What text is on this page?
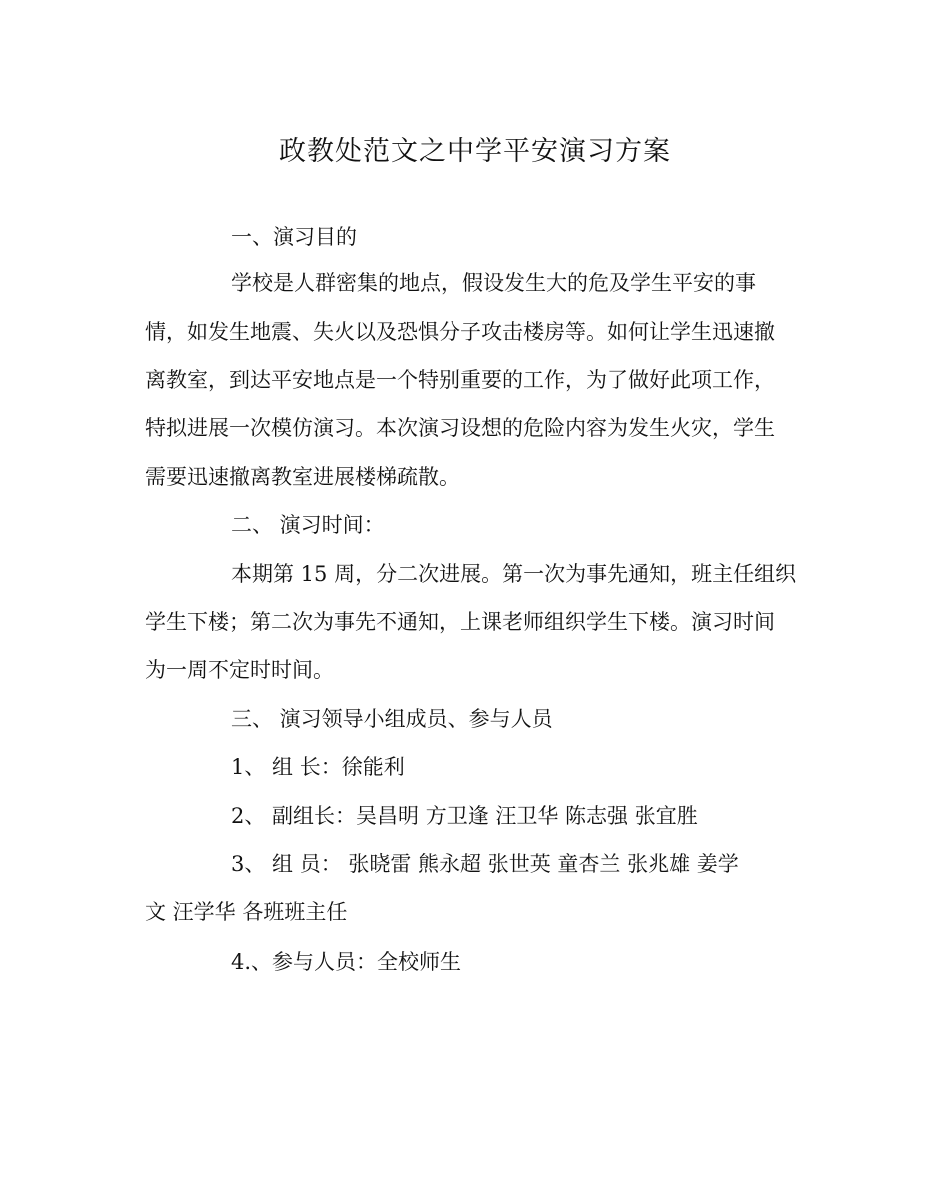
政教处范文之中学平安演习方案
一、演习目的
学校是人群密集的地点，假设发生大的危及学生平安的事
情，如发生地震、失火以及恐惧分子攻击楼房等。如何让学生迅速撤
离教室，到达平安地点是一个特别重要的工作，为了做好此项工作，
特拟进展一次模仿演习。本次演习设想的危险内容为发生火灾，学生
需要迅速撤离教室进展楼梯疏散。
二、 演习时间：
本期第 15 周，分二次进展。第一次为事先通知，班主任组织
学生下楼；第二次为事先不通知，上课老师组织学生下楼。演习时间
为一周不定时时间。
三、 演习领导小组成员、参与人员
1、 组 长：徐能利
2、 副组长：吴昌明 方卫逢 汪卫华 陈志强 张宜胜
3、 组 员： 张晓雷 熊永超 张世英 童杏兰 张兆雄 姜学
文 汪学华 各班班主任
4.、参与人员：全校师生
